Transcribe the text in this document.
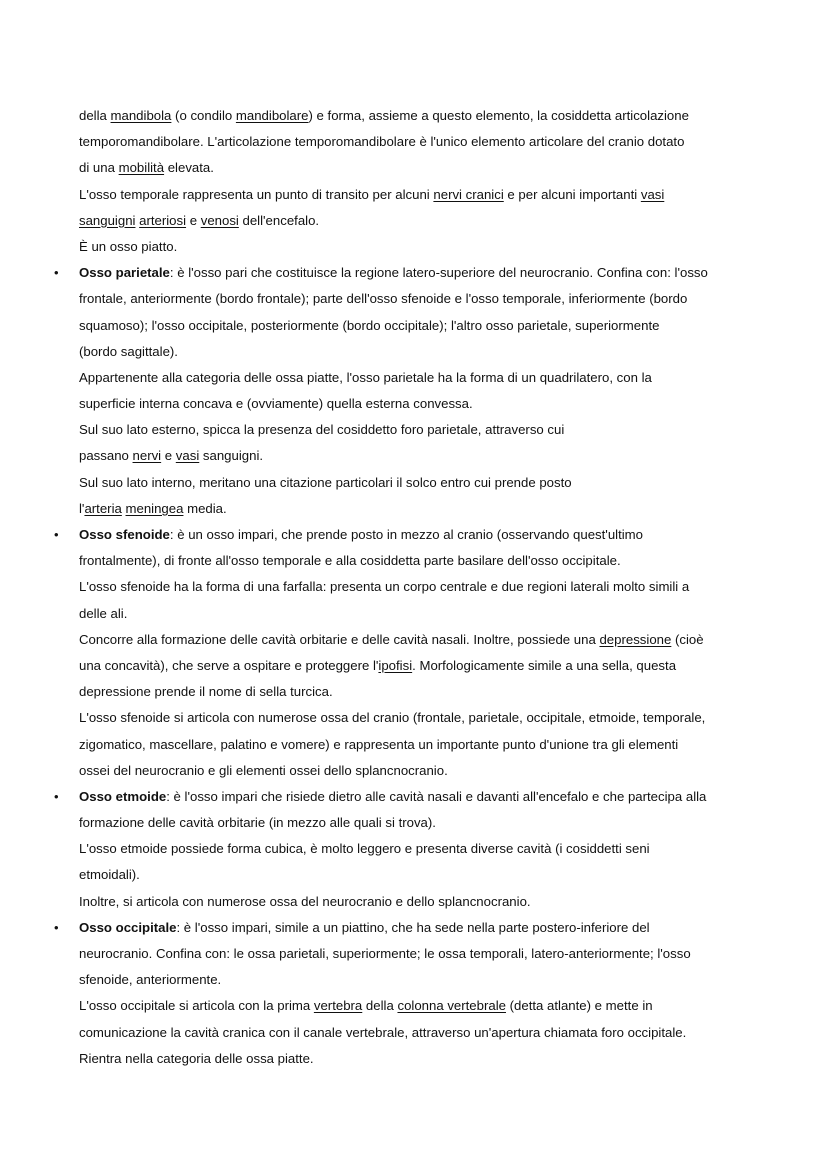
della mandibola (o condilo mandibolare) e forma, assieme a questo elemento, la cosiddetta articolazione
temporomandibolare. L'articolazione temporomandibolare è l'unico elemento articolare del cranio dotato
di una mobilità elevata.
L'osso temporale rappresenta un punto di transito per alcuni nervi cranici e per alcuni importanti vasi
sanguigni arteriosi e venosi dell'encefalo.
È un osso piatto.
• Osso parietale: è l'osso pari che costituisce la regione latero-superiore del neurocranio. Confina con: l'osso
frontale, anteriormente (bordo frontale); parte dell'osso sfenoide e l'osso temporale, inferiormente (bordo
squamoso); l'osso occipitale, posteriormente (bordo occipitale); l'altro osso parietale, superiormente
(bordo sagittale).
Appartenente alla categoria delle ossa piatte, l'osso parietale ha la forma di un quadrilatero, con la
superficie interna concava e (ovviamente) quella esterna convessa.
Sul suo lato esterno, spicca la presenza del cosiddetto foro parietale, attraverso cui
passano nervi e vasi sanguigni.
Sul suo lato interno, meritano una citazione particolari il solco entro cui prende posto
l'arteria meningea media.
• Osso sfenoide: è un osso impari, che prende posto in mezzo al cranio (osservando quest'ultimo
frontalmente), di fronte all'osso temporale e alla cosiddetta parte basilare dell'osso occipitale.
L'osso sfenoide ha la forma di una farfalla: presenta un corpo centrale e due regioni laterali molto simili a
delle ali.
Concorre alla formazione delle cavità orbitarie e delle cavità nasali. Inoltre, possiede una depressione (cioè
una concavità), che serve a ospitare e proteggere l'ipofisi. Morfologicamente simile a una sella, questa
depressione prende il nome di sella turcica.
L'osso sfenoide si articola con numerose ossa del cranio (frontale, parietale, occipitale, etmoide, temporale,
zigomatico, mascellare, palatino e vomere) e rappresenta un importante punto d'unione tra gli elementi
ossei del neurocranio e gli elementi ossei dello splancnocranio.
• Osso etmoide: è l'osso impari che risiede dietro alle cavità nasali e davanti all'encefalo e che partecipa alla
formazione delle cavità orbitarie (in mezzo alle quali si trova).
L'osso etmoide possiede forma cubica, è molto leggero e presenta diverse cavità (i cosiddetti seni
etmoidali).
Inoltre, si articola con numerose ossa del neurocranio e dello splancnocranio.
• Osso occipitale: è l'osso impari, simile a un piattino, che ha sede nella parte postero-inferiore del
neurocranio. Confina con: le ossa parietali, superiormente; le ossa temporali, latero-anteriormente; l'osso
sfenoide, anteriormente.
L'osso occipitale si articola con la prima vertebra della colonna vertebrale (detta atlante) e mette in
comunicazione la cavità cranica con il canale vertebrale, attraverso un'apertura chiamata foro occipitale.
Rientra nella categoria delle ossa piatte.
